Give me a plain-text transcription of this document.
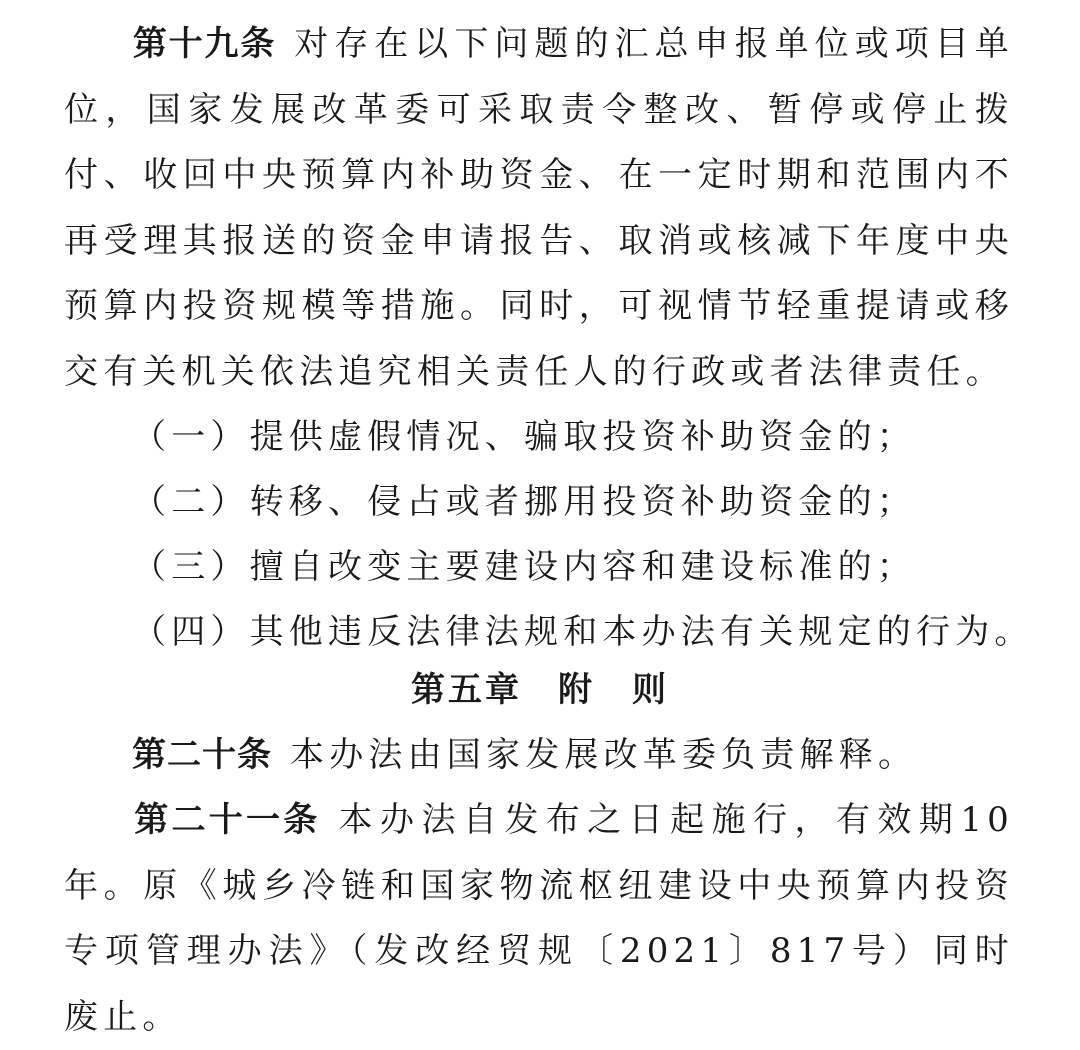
第十九条 对存在以下问题的汇总申报单位或项目单位，国家发展改革委可采取责令整改、暂停或停止拨付、收回中央预算内补助资金、在一定时期和范围内不再受理其报送的资金申请报告、取消或核减下年度中央预算内投资规模等措施。同时，可视情节轻重提请或移交有关机关依法追究相关责任人的行政或者法律责任。

（一）提供虚假情况、骗取投资补助资金的；

（二）转移、侵占或者挪用投资补助资金的；

（三）擅自改变主要建设内容和建设标准的；

（四）其他违反法律法规和本办法有关规定的行为。

第五章 附　则

第二十条 本办法由国家发展改革委负责解释。

第二十一条 本办法自发布之日起施行，有效期10年。原《城乡冷链和国家物流枢纽建设中央预算内投资专项管理办法》（发改经贸规〔2021〕817号）同时废止。
